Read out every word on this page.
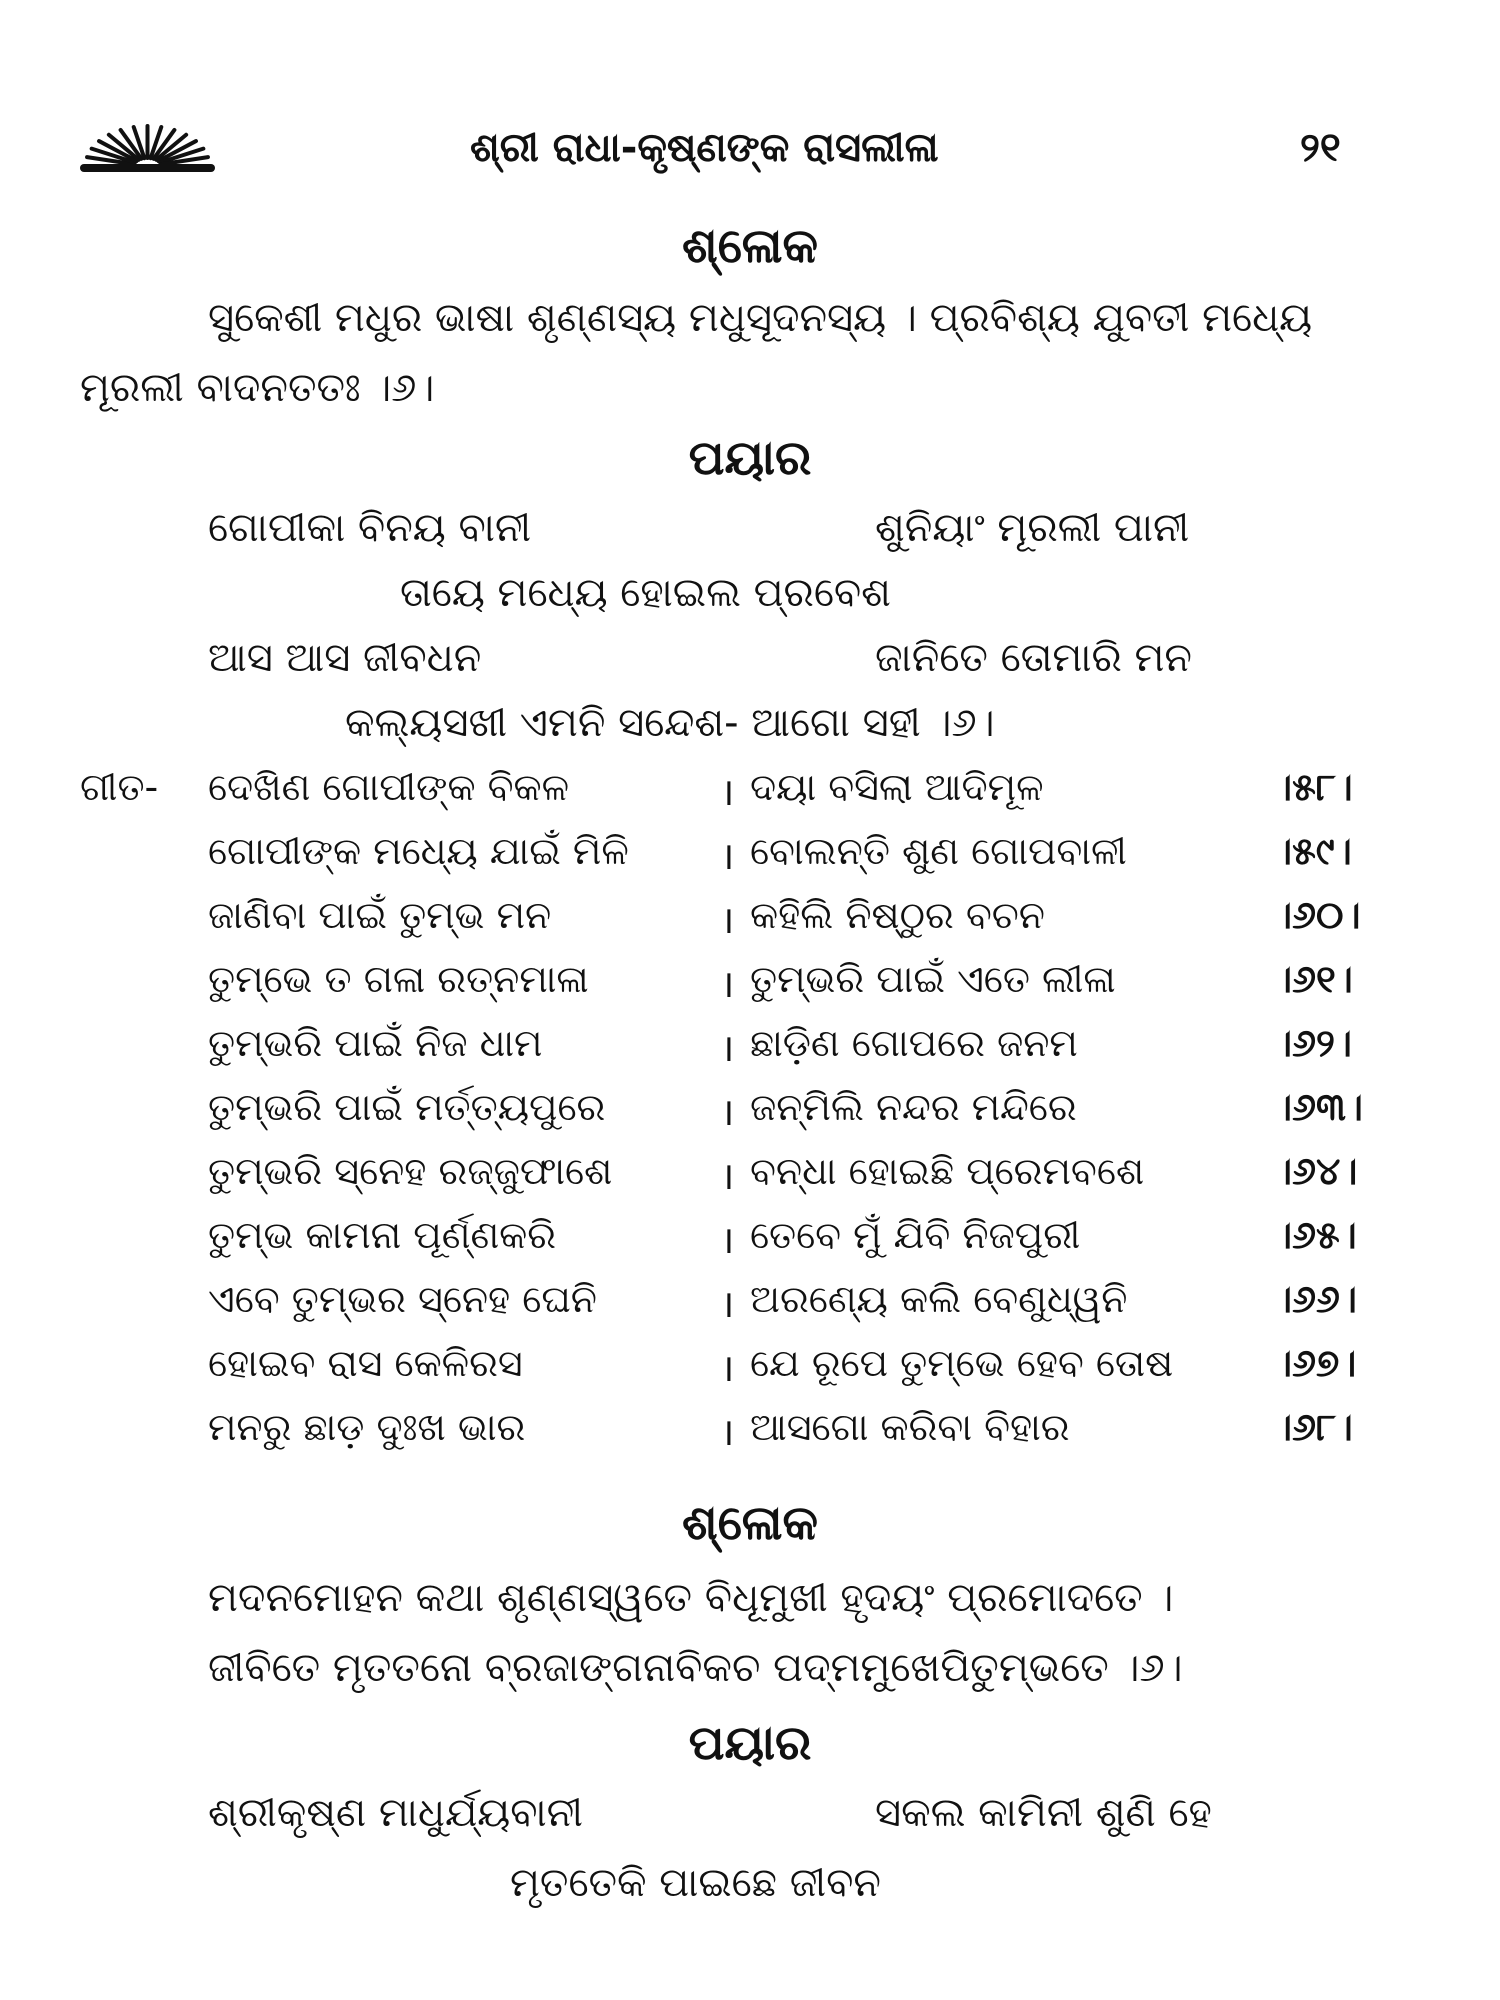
ଶ୍ରୀ ରାଧା-କୃଷ୍ଣଙ୍କ ରାସଲୀଳା	୨୧
ଶ୍ଳୋକ
ସୁକେଶୀ ମଧୁର ଭାଷା ଶୃଣ୍ଣସ୍ୟ ମଧୁସୂଦନସ୍ୟ । ପ୍ରବିଶ୍ୟ ଯୁବତୀ ମଧ୍ୟେ
ମୂରଲୀ ବାଦନତତଃ ।୬।
ପୟାର
ଗୋପୀକା ବିନୟ ବାନୀ	ଶୁନିୟାଂ ମୂରଲୀ ପାନୀ
ତାୟେ ମଧ୍ୟେ ହୋଇଲ ପ୍ରବେଶ
ଆସ ଆସ ଜୀବଧନ	ଜାନିତେ ତୋମାରି ମନ
କଲ୍ୟସଖୀ ଏମନି ସନ୍ଦେଶ- ଆଗୋ ସହୀ ।୬।
ଗୀତ- ଦେଖିଣ ଗୋପୀଙ୍କ ବିକଳ	। ଦୟା ବସିଲା ଆଦିମୂଳ	।୫୮।
ଗୋପୀଙ୍କ ମଧ୍ୟେ ଯାଇଁ ମିଳି । ବୋଲନ୍ତି ଶୁଣ ଗୋପବାଳୀ	।୫୯।
ଜାଣିବା ପାଇଁ ତୁମ୍ଭ ମନ	। କହିଲି ନିଷ୍ଠୁର ବଚନ	।୬୦।
ତୁମ୍ଭେ ତ ଗଳା ରତ୍ନମାଳା	। ତୁମ୍ଭରି ପାଇଁ ଏତେ ଲୀଳା	।୬୧।
ତୁମ୍ଭରି ପାଇଁ ନିଜ ଧାମ	। ଛାଡ଼ିଣ ଗୋପରେ ଜନମ	।୬୨।
ତୁମ୍ଭରି ପାଇଁ ମର୍ତ୍ତ୍ୟପୁରେ	। ଜନ୍ମିଲି ନନ୍ଦର ମନ୍ଦିରେ	।୬୩।
ତୁମ୍ଭରି ସ୍ନେହ ରଜ୍ଜୁଫାଶେ	। ବନ୍ଧା ହୋଇଛି ପ୍ରେମବଶେ	।୬୪।
ତୁମ୍ଭ କାମନା ପୂର୍ଣ୍ଣକରି	। ତେବେ ମୁଁ ଯିବି ନିଜପୁରୀ	।୬୫।
ଏବେ ତୁମ୍ଭର ସ୍ନେହ ଘେନି	। ଅରଣ୍ୟେ କଲି ବେଣୁଧ୍ୱନି	।୬୬।
ହୋଇବ ରାସ କେଳିରସ	। ଯେ ରୂପେ ତୁମ୍ଭେ ହେବ ତୋଷ	।୬୭।
ମନରୁ ଛାଡ଼ ଦୁଃଖ ଭାର	। ଆସଗୋ କରିବା ବିହାର	।୬୮।
ଶ୍ଳୋକ
ମଦନମୋହନ କଥା ଶୃଣ୍ଣସ୍ୱତେ ବିଧୂମୁଖୀ ହୃଦୟଂ ପ୍ରମୋଦତେ ।
ଜୀବିତେ ମୃତତନୋ ବ୍ରଜାଙ୍ଗନାବିକଚ ପଦ୍ମମୁଖେପିତୁମ୍ଭତେ ।୬।
ପୟାର
ଶ୍ରୀକୃଷ୍ଣ ମାଧୁର୍ଯ୍ୟବାନୀ	ସକଲ କାମିନୀ ଶୁଣି ହେ
ମୃତତେକି ପାଇଛେ ଜୀବନ
